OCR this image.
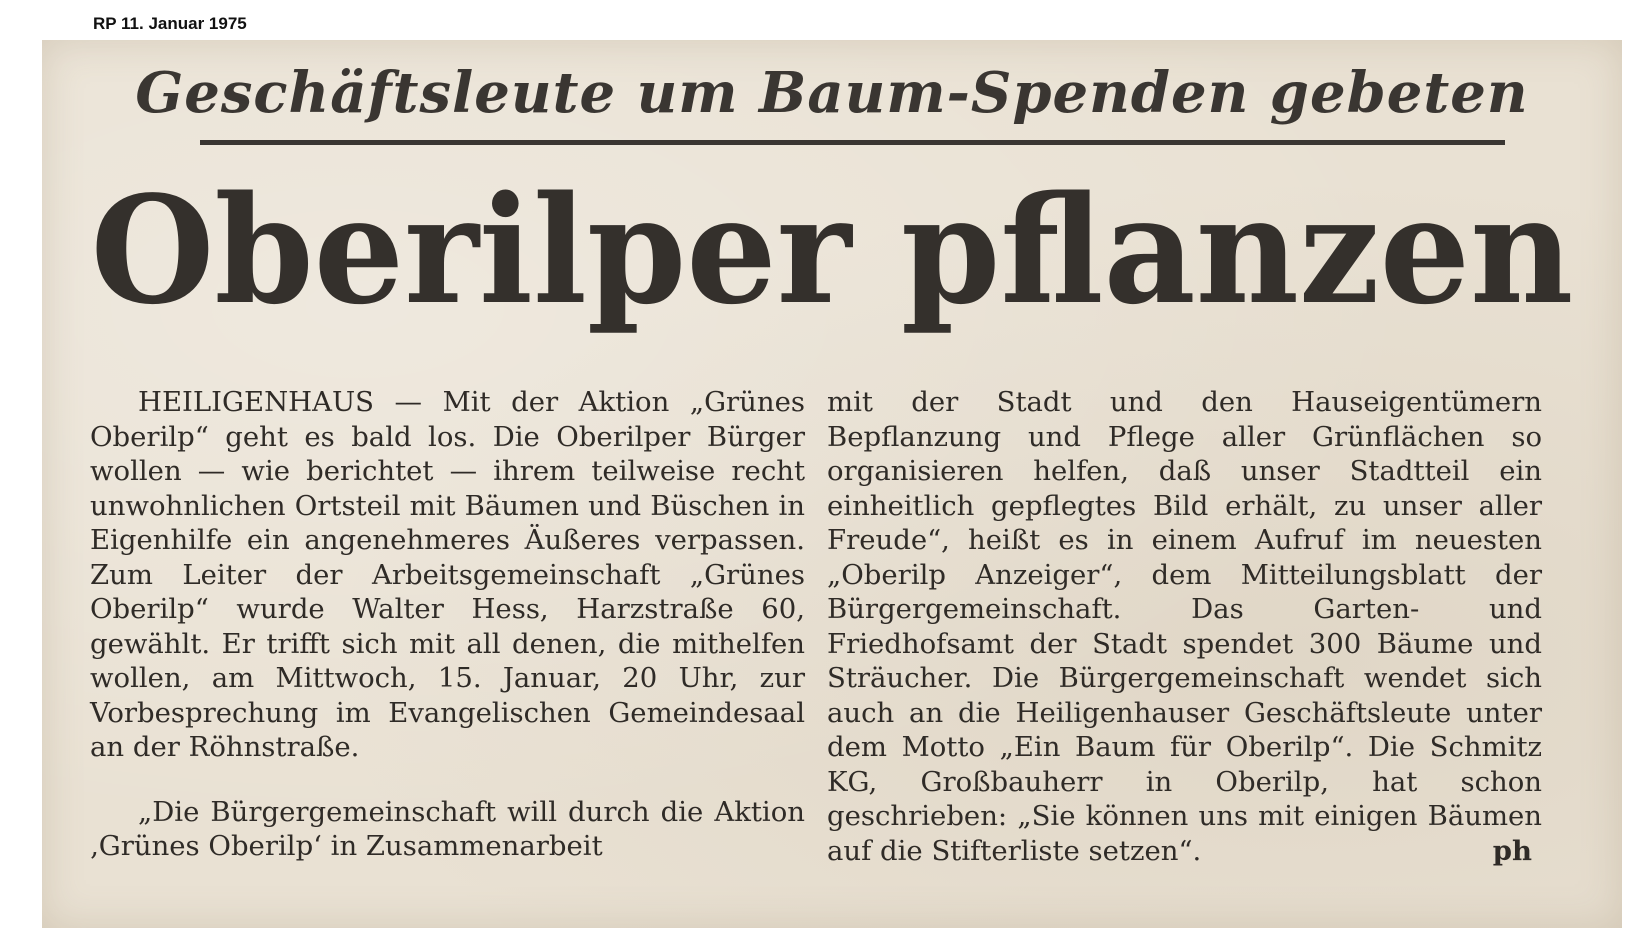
RP 11. Januar 1975
Geschäftsleute um Baum-Spenden gebeten
Oberilper pflanzen

HEILIGENHAUS — Mit der Aktion „Grünes Oberilp“ geht es bald los. Die Oberilper Bürger wollen — wie berichtet — ihrem teilweise recht unwohnlichen Ortsteil mit Bäumen und Büschen in Eigenhilfe ein angenehmeres Äußeres verpassen. Zum Leiter der Arbeitsgemeinschaft „Grünes Oberilp“ wurde Walter Hess, Harzstraße 60, gewählt. Er trifft sich mit all denen, die mithelfen wollen, am Mittwoch, 15. Januar, 20 Uhr, zur Vorbesprechung im Evangelischen Gemeindesaal an der Röhnstraße.

„Die Bürgergemeinschaft will durch die Aktion ‚Grünes Oberilp‘ in Zusammenarbeit

mit der Stadt und den Hauseigentümern Bepflanzung und Pflege aller Grünflächen so organisieren helfen, daß unser Stadtteil ein einheitlich gepflegtes Bild erhält, zu unser aller Freude“, heißt es in einem Aufruf im neuesten „Oberilp Anzeiger“, dem Mitteilungsblatt der Bürgergemeinschaft. Das Garten- und Friedhofsamt der Stadt spendet 300 Bäume und Sträucher. Die Bürgergemeinschaft wendet sich auch an die Heiligenhauser Geschäftsleute unter dem Motto „Ein Baum für Oberilp“. Die Schmitz KG, Großbauherr in Oberilp, hat schon geschrieben: „Sie können uns mit einigen Bäumen auf die Stifterliste setzen“.	ph
